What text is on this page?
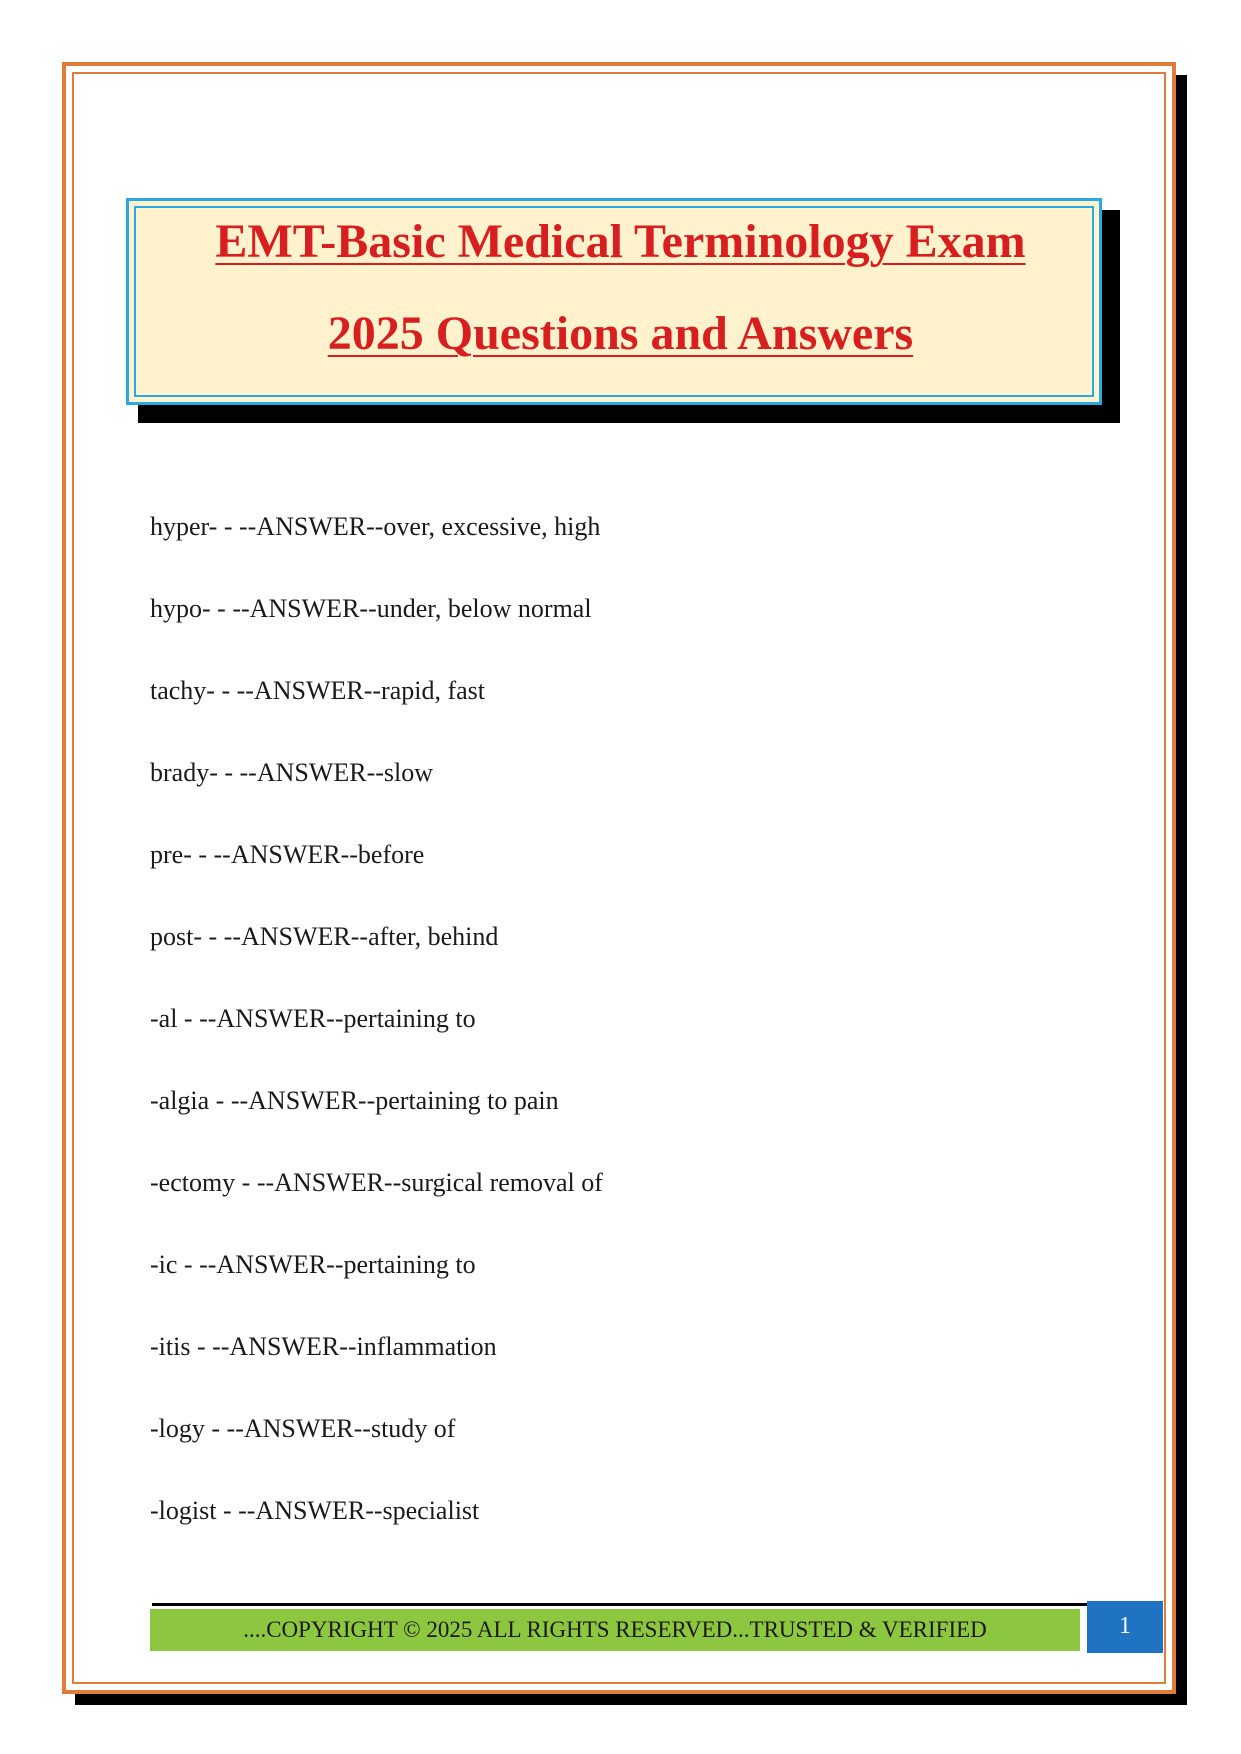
EMT-Basic Medical Terminology Exam
2025 Questions and Answers
hyper- - --ANSWER--over, excessive, high
hypo- - --ANSWER--under, below normal
tachy- - --ANSWER--rapid, fast
brady- - --ANSWER--slow
pre- - --ANSWER--before
post- - --ANSWER--after, behind
-al - --ANSWER--pertaining to
-algia - --ANSWER--pertaining to pain
-ectomy - --ANSWER--surgical removal of
-ic - --ANSWER--pertaining to
-itis - --ANSWER--inflammation
-logy - --ANSWER--study of
-logist - --ANSWER--specialist
....COPYRIGHT © 2025 ALL RIGHTS RESERVED...TRUSTED & VERIFIED	1
